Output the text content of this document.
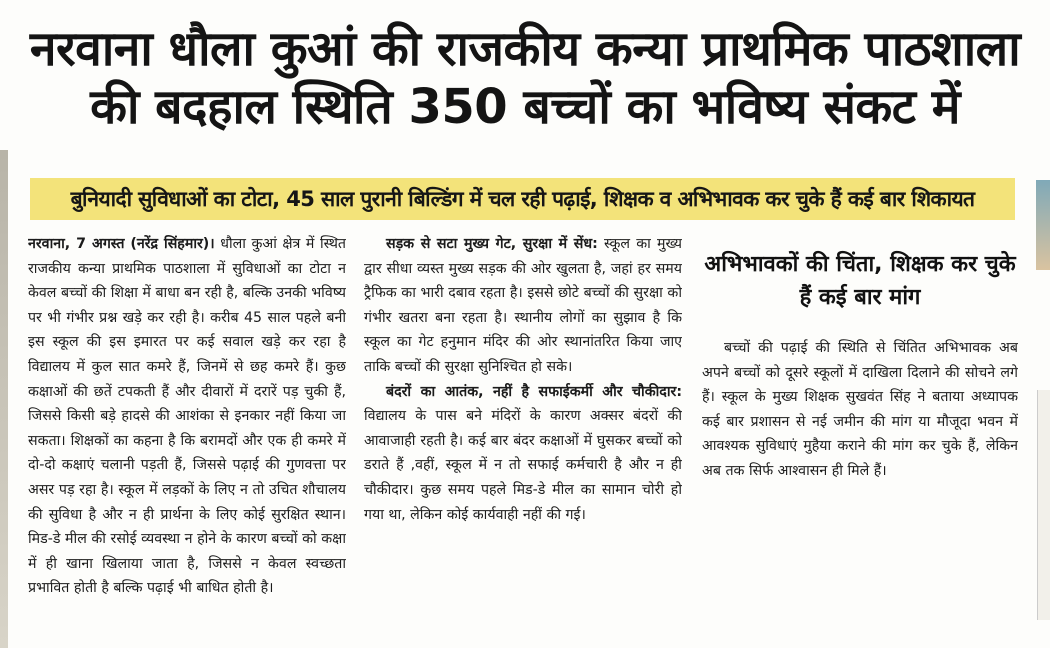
नरवाना धौला कुआं की राजकीय कन्या प्राथमिक पाठशाला
की बदहाल स्थिति 350 बच्चों का भविष्य संकट में
बुनियादी सुविधाओं का टोटा, 45 साल पुरानी बिल्डिंग में चल रही पढ़ाई, शिक्षक व अभिभावक कर चुके हैं कई बार शिकायत

नरवाना, 7 अगस्त (नरेंद्र सिंहमार)। धौला कुआं क्षेत्र में स्थित राजकीय कन्या प्राथमिक पाठशाला में सुविधाओं का टोटा न केवल बच्चों की शिक्षा में बाधा बन रही है, बल्कि उनकी भविष्य पर भी गंभीर प्रश्न खड़े कर रही है। करीब 45 साल पहले बनी इस स्कूल की इस इमारत पर कई सवाल खड़े कर रहा है विद्यालय में कुल सात कमरे हैं, जिनमें से छह कमरे हैं। कुछ कक्षाओं की छतें टपकती हैं और दीवारों में दरारें पड़ चुकी हैं, जिससे किसी बड़े हादसे की आशंका से इनकार नहीं किया जा सकता। शिक्षकों का कहना है कि बरामदों और एक ही कमरे में दो-दो कक्षाएं चलानी पड़ती हैं, जिससे पढ़ाई की गुणवत्ता पर असर पड़ रहा है। स्कूल में लड़कों के लिए न तो उचित शौचालय की सुविधा है और न ही प्रार्थना के लिए कोई सुरक्षित स्थान। मिड-डे मील की रसोई व्यवस्था न होने के कारण बच्चों को कक्षा में ही खाना खिलाया जाता है, जिससे न केवल स्वच्छता प्रभावित होती है बल्कि पढ़ाई भी बाधित होती है।

सड़क से सटा मुख्य गेट, सुरक्षा में सेंध: स्कूल का मुख्य द्वार सीधा व्यस्त मुख्य सड़क की ओर खुलता है, जहां हर समय ट्रैफिक का भारी दबाव रहता है। इससे छोटे बच्चों की सुरक्षा को गंभीर खतरा बना रहता है। स्थानीय लोगों का सुझाव है कि स्कूल का गेट हनुमान मंदिर की ओर स्थानांतरित किया जाए ताकि बच्चों की सुरक्षा सुनिश्चित हो सके।

बंदरों का आतंक, नहीं है सफाईकर्मी और चौकीदार: विद्यालय के पास बने मंदिरों के कारण अक्सर बंदरों की आवाजाही रहती है। कई बार बंदर कक्षाओं में घुसकर बच्चों को डराते हैं ,वहीं, स्कूल में न तो सफाई कर्मचारी है और न ही चौकीदार। कुछ समय पहले मिड-डे मील का सामान चोरी हो गया था, लेकिन कोई कार्यवाही नहीं की गई।

अभिभावकों की चिंता, शिक्षक कर चुके हैं कई बार मांग

बच्चों की पढ़ाई की स्थिति से चिंतित अभिभावक अब अपने बच्चों को दूसरे स्कूलों में दाखिला दिलाने की सोचने लगे हैं। स्कूल के मुख्य शिक्षक सुखवंत सिंह ने बताया अध्यापक कई बार प्रशासन से नई जमीन की मांग या मौजूदा भवन में आवश्यक सुविधाएं मुहैया कराने की मांग कर चुके हैं, लेकिन अब तक सिर्फ आश्वासन ही मिले हैं।
